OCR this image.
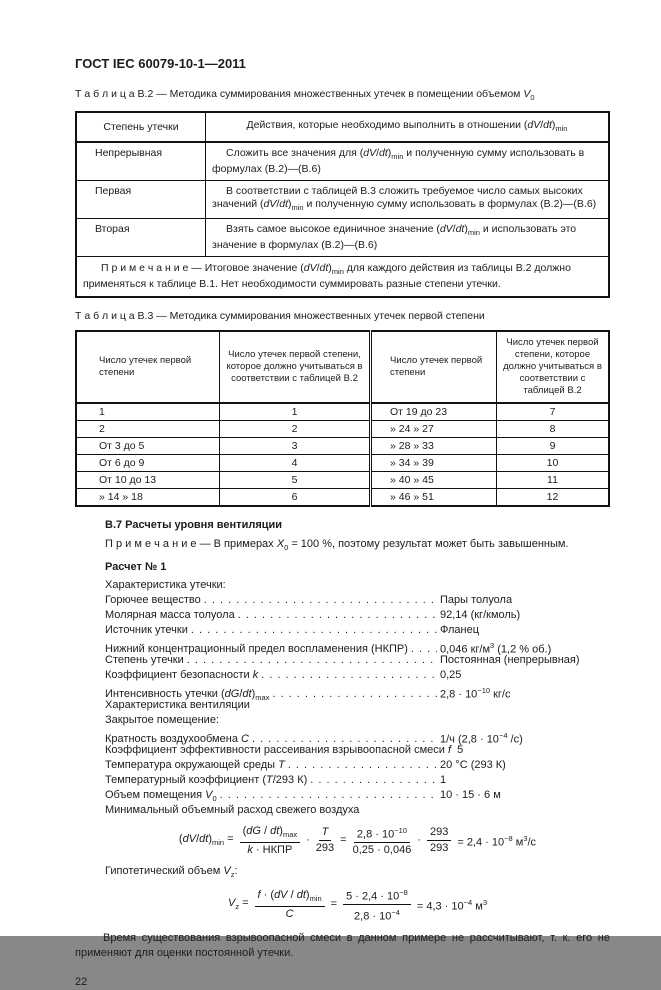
ГОСТ IEC 60079-10-1—2011
Т а б л и ц а В.2 — Методика суммирования множественных утечек в помещении объемом $V_0$
Степень утечки	Действия, которые необходимо выполнить в отношении $(dV/dt)_{min}$
Непрерывная	Сложить все значения для $(dV/dt)_{min}$ и полученную сумму использовать в формулах (В.2)—(В.6)
Первая	В соответствии с таблицей В.3 сложить требуемое число самых высоких значений $(dV/dt)_{min}$ и полученную сумму использовать в формулах (В.2)—(В.6)
Вторая	Взять самое высокое единичное значение $(dV/dt)_{min}$ и использовать это значение в формулах (В.2)—(В.6)
П р и м е ч а н и е — Итоговое значение $(dV/dt)_{min}$ для каждого действия из таблицы В.2 должно применяться к таблице В.1. Нет необходимости суммировать разные степени утечки.	
Т а б л и ц а В.3 — Методика суммирования множественных утечек первой степени
Число утечек первой степени	Число утечек первой степени, которое должно учитываться в соответствии с таблицей В.2	Число утечек первой степени	Число утечек первой степени, которое должно учитываться в соответствии с таблицей В.2
1	1	От 19 до 23	7
2	2	» 24 » 27	8
От 3 до 5	3	» 28 » 33	9
От 6 до 9	4	» 34 » 39	10
От 10 до 13	5	» 40 » 45	11
» 14 » 18	6	» 46 » 51	12
В.7 Расчеты уровня вентиляции
П р и м е ч а н и е — В примерах $X_0 = 100$ %, поэтому результат может быть завышенным.
Расчет № 1
Характеристика утечки:
Горючее вещество . . .	Пары толуола
Молярная масса толуола . . .	92,14 (кг/кмоль)
Источник утечки . . .	Фланец
Нижний концентрационный предел воспламенения (НКПР) . . .	0,046 $кг/м^3$ (1,2 % об.)
Степень утечки . . .	Постоянная (непрерывная)
Коэффициент безопасности k . . .	0,25
Интенсивность утечки $(dG/dt)_{max}$ . . .	$2,8 \cdot 10^{-10}$ кг/с
Характеристика вентиляции
Закрытое помещение:
Кратность воздухообмена C . . .	1/ч ($2,8 \cdot 10^{-4}$ /с)
Коэффициент эффективности рассеивания взрывоопасной смеси f 5
Температура окружающей среды T . . .	20 °С (293 К)
Температурный коэффициент (T/293 К) . . .	1
Объем помещения $V_0$ . . .	10 · 15 · 6 м
Минимальный объемный расход свежего воздуха
$(dV/dt)_{min} = \frac{(dG / dt)_{max}}{\text{k · НКПР}} \cdot \frac{T}{293} = \frac{2,8 \cdot 10^{-10}}{0,25 \cdot 0,046} \cdot \frac{293}{293} = 2,4 \cdot 10^{-8}$ $м^3/с$
Гипотетический объем $V_z$:
$V_z = \frac{f \cdot (dV / dt)_{min}}{C} = \frac{5 \cdot 2,4 \cdot 10^{-8}}{2,8 \cdot 10^{-4}} = 4,3 \cdot 10^{-4}$ $м^3$

Время существования взрывоопасной смеси в данном примере не рассчитывают, т. к. его не применяют для оценки постоянной утечки.

22
